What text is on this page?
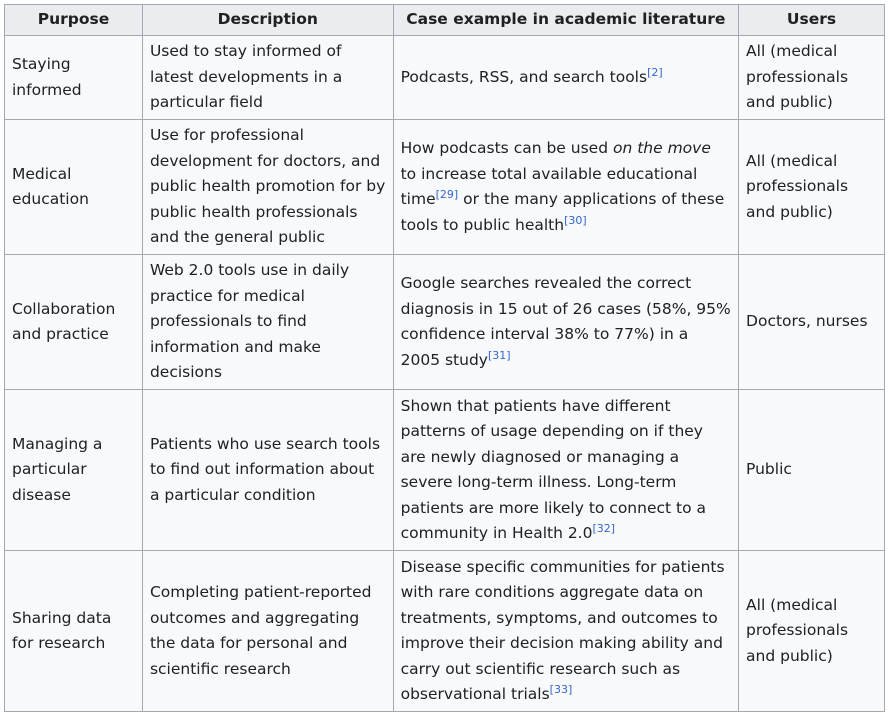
Purpose	Description	Case example in academic literature	Users
Staying informed	Used to stay informed of latest developments in a particular field	Podcasts, RSS, and search tools[2]	All (medical professionals and public)
Medical education	Use for professional development for doctors, and public health promotion for by public health professionals and the general public	How podcasts can be used on the move to increase total available educational time[29] or the many applications of these tools to public health[30]	All (medical professionals and public)
Collaboration and practice	Web 2.0 tools use in daily practice for medical professionals to find information and make decisions	Google searches revealed the correct diagnosis in 15 out of 26 cases (58%, 95% confidence interval 38% to 77%) in a 2005 study[31]	Doctors, nurses
Managing a particular disease	Patients who use search tools to find out information about a particular condition	Shown that patients have different patterns of usage depending on if they are newly diagnosed or managing a severe long-term illness. Long-term patients are more likely to connect to a community in Health 2.0[32]	Public
Sharing data for research	Completing patient-reported outcomes and aggregating the data for personal and scientific research	Disease specific communities for patients with rare conditions aggregate data on treatments, symptoms, and outcomes to improve their decision making ability and carry out scientific research such as observational trials[33]	All (medical professionals and public)
